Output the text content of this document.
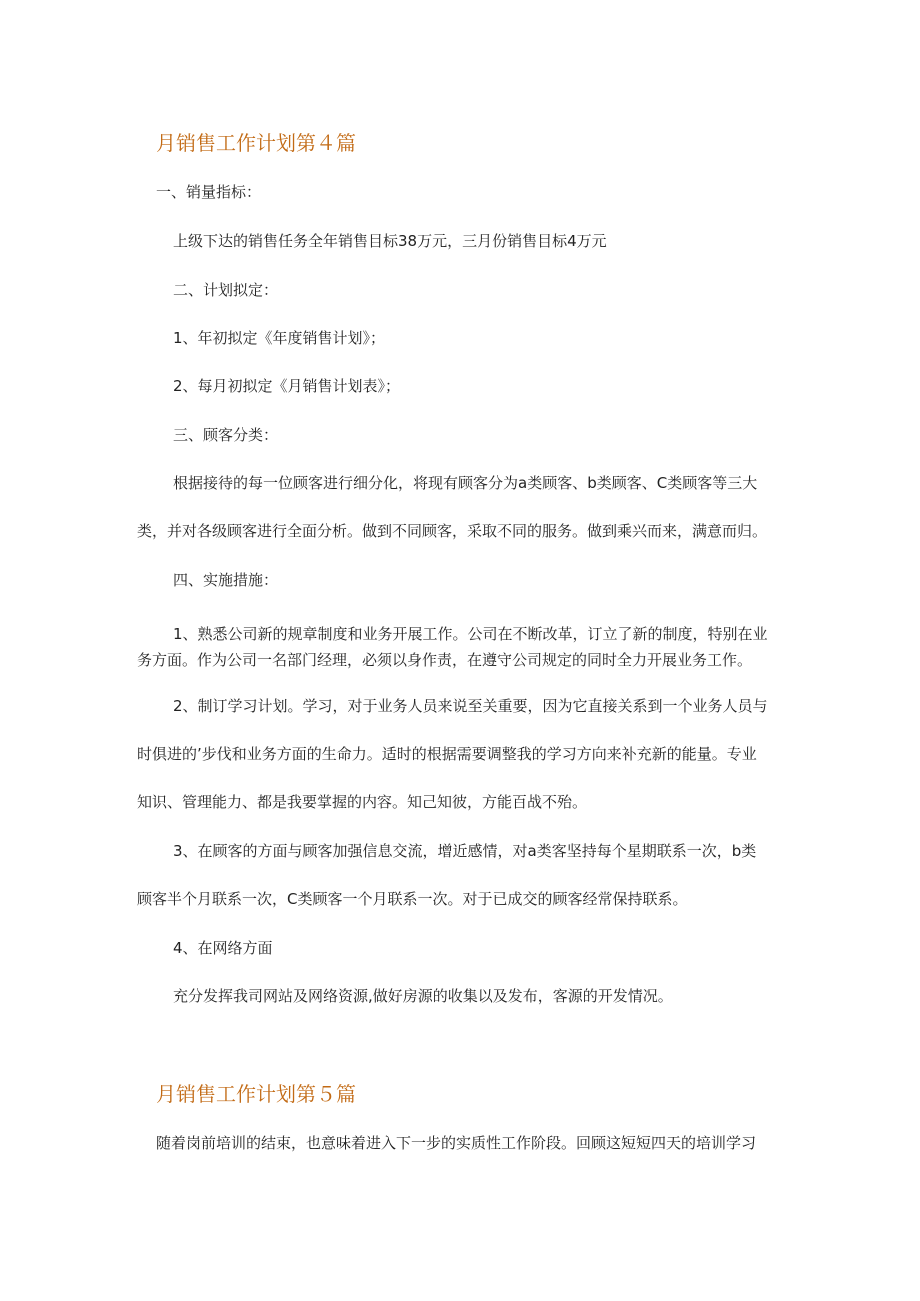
月销售工作计划第４篇
一、销量指标：
上级下达的销售任务全年销售目标38万元，三月份销售目标4万元
二、计划拟定：
1、年初拟定《年度销售计划》；
2、每月初拟定《月销售计划表》；
三、顾客分类：
根据接待的每一位顾客进行细分化，将现有顾客分为a类顾客、b类顾客、C类顾客等三大
类，并对各级顾客进行全面分析。做到不同顾客，采取不同的服务。做到乘兴而来，满意而归。
四、实施措施：
1、熟悉公司新的规章制度和业务开展工作。公司在不断改革，订立了新的制度，特别在业
务方面。作为公司一名部门经理，必须以身作责，在遵守公司规定的同时全力开展业务工作。
2、制订学习计划。学习，对于业务人员来说至关重要，因为它直接关系到一个业务人员与
时俱进的’步伐和业务方面的生命力。适时的根据需要调整我的学习方向来补充新的能量。专业
知识、管理能力、都是我要掌握的内容。知己知彼，方能百战不殆。
3、在顾客的方面与顾客加强信息交流，增近感情，对a类客坚持每个星期联系一次，b类
顾客半个月联系一次，C类顾客一个月联系一次。对于已成交的顾客经常保持联系。
4、在网络方面
充分发挥我司网站及网络资源,做好房源的收集以及发布，客源的开发情况。
月销售工作计划第５篇
随着岗前培训的结束，也意味着进入下一步的实质性工作阶段。回顾这短短四天的培训学习
